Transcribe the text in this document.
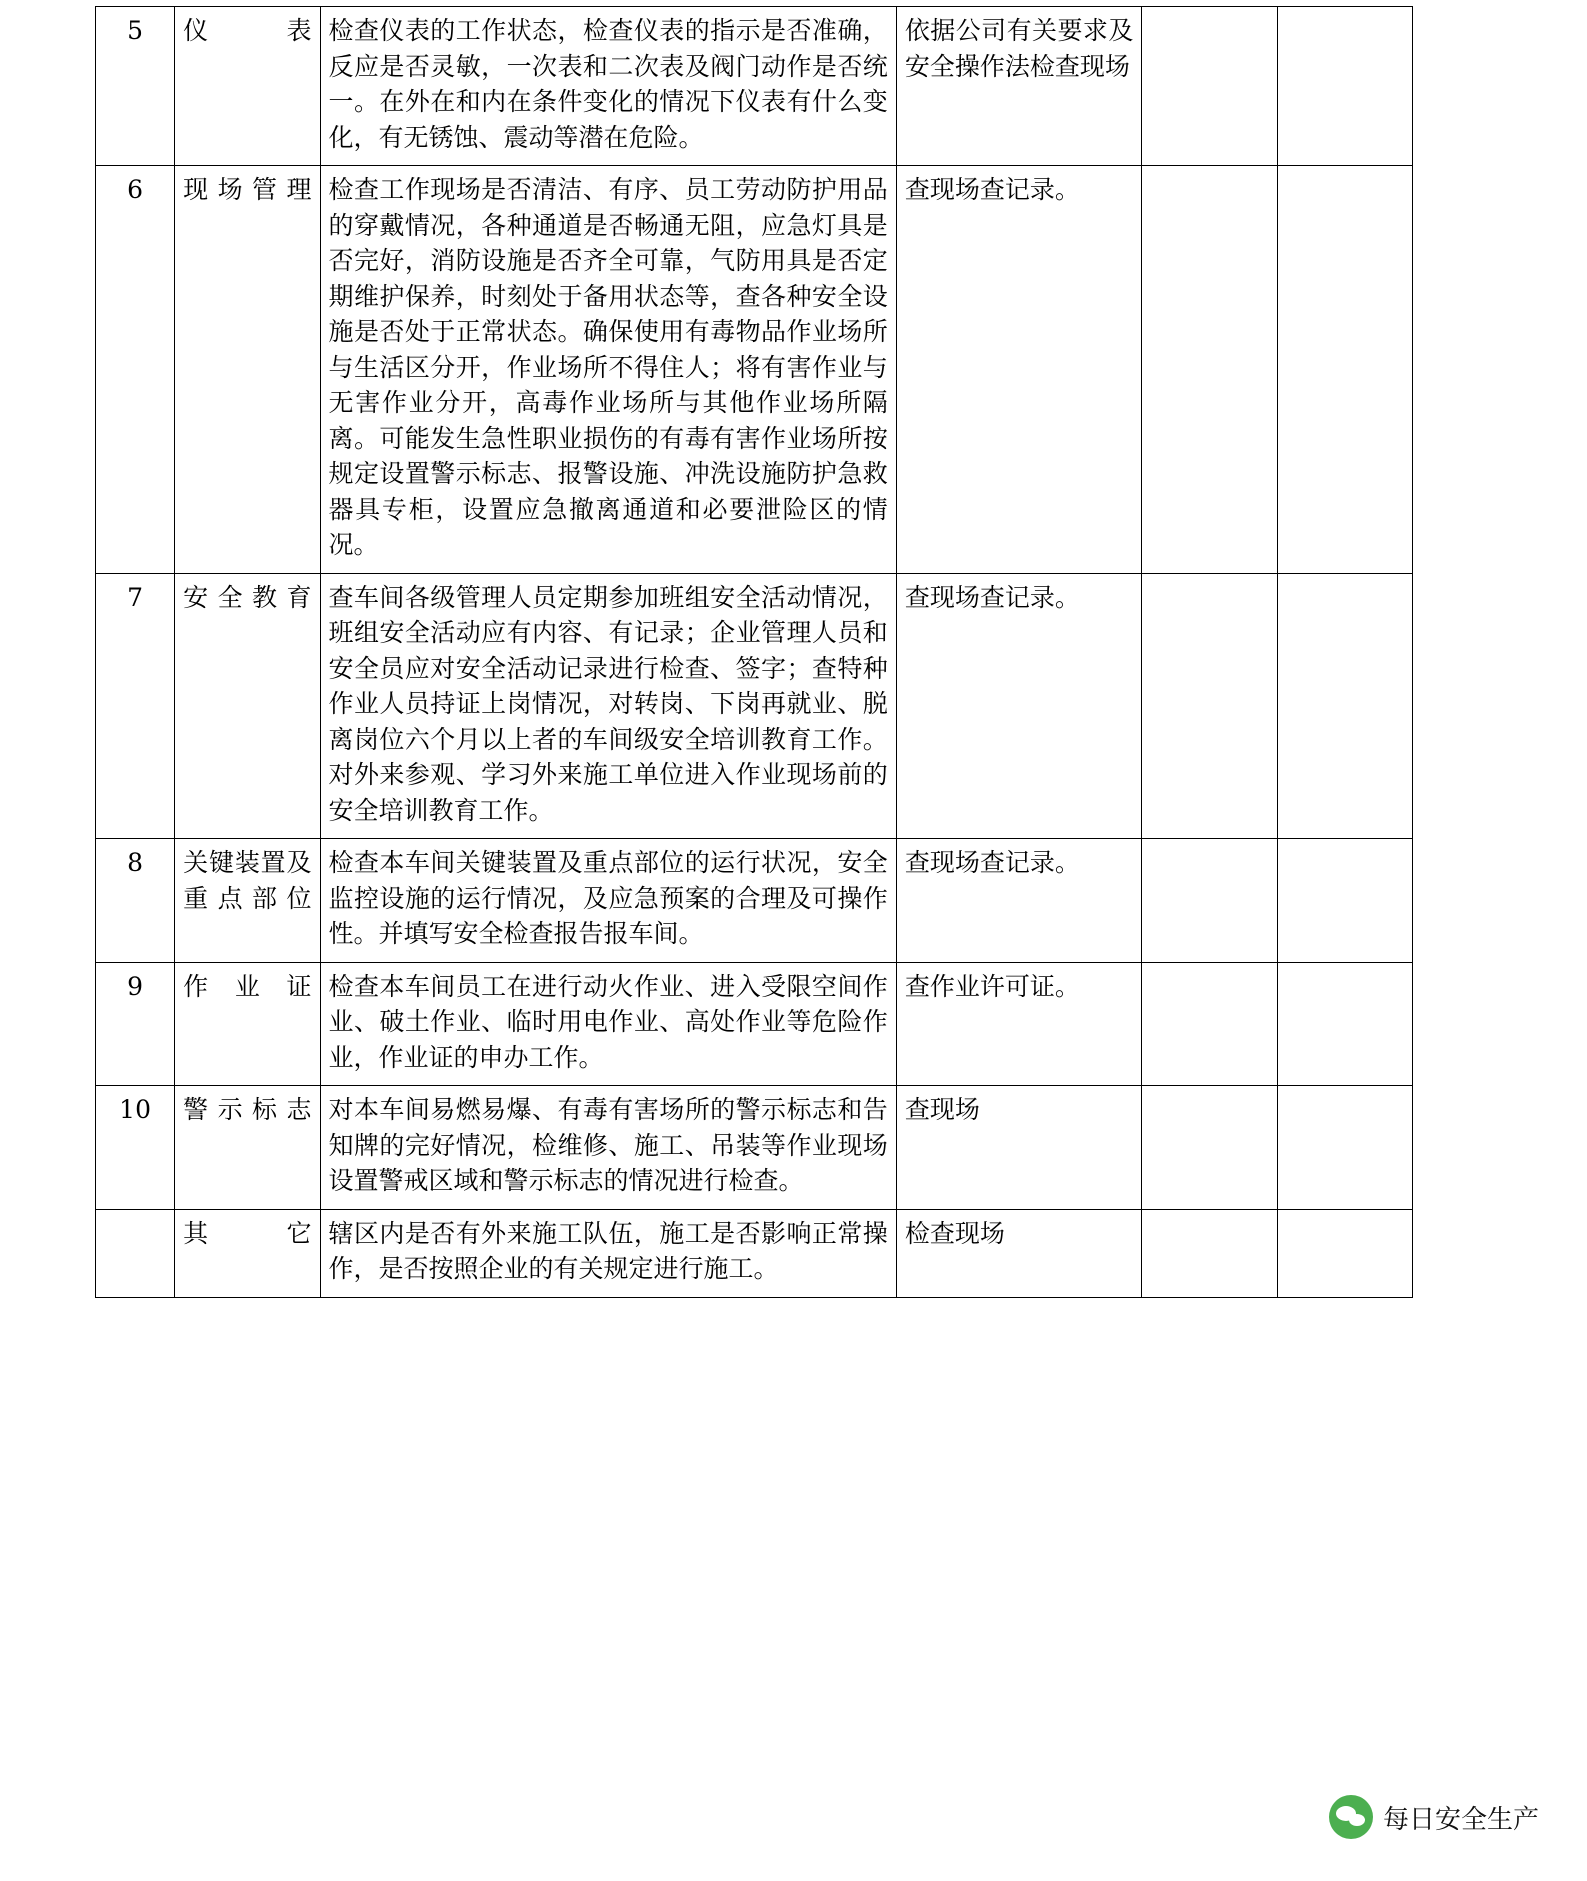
5	仪表	检查仪表的工作状态，检查仪表的指示是否准确，反应是否灵敏，一次表和二次表及阀门动作是否统一。在外在和内在条件变化的情况下仪表有什么变化，有无锈蚀、震动等潜在危险。	依据公司有关要求及安全操作法检查现场		

6	现场管理	检查工作现场是否清洁、有序、员工劳动防护用品的穿戴情况，各种通道是否畅通无阻，应急灯具是否完好，消防设施是否齐全可靠，气防用具是否定期维护保养，时刻处于备用状态等，查各种安全设施是否处于正常状态。确保使用有毒物品作业场所与生活区分开，作业场所不得住人；将有害作业与无害作业分开，高毒作业场所与其他作业场所隔离。可能发生急性职业损伤的有毒有害作业场所按规定设置警示标志、报警设施、冲洗设施防护急救器具专柜，设置应急撤离通道和必要泄险区的情况。	查现场查记录。		

7	安全教育	查车间各级管理人员定期参加班组安全活动情况，班组安全活动应有内容、有记录；企业管理人员和安全员应对安全活动记录进行检查、签字；查特种作业人员持证上岗情况，对转岗、下岗再就业、脱离岗位六个月以上者的车间级安全培训教育工作。对外来参观、学习外来施工单位进入作业现场前的安全培训教育工作。	查现场查记录。		

8	关键装置及重点部位	检查本车间关键装置及重点部位的运行状况，安全监控设施的运行情况，及应急预案的合理及可操作性。并填写安全检查报告报车间。	查现场查记录。		

9	作业证	检查本车间员工在进行动火作业、进入受限空间作业、破土作业、临时用电作业、高处作业等危险作业，作业证的申办工作。	查作业许可证。		

10	警示标志	对本车间易燃易爆、有毒有害场所的警示标志和告知牌的完好情况，检维修、施工、吊装等作业现场设置警戒区域和警示标志的情况进行检查。	查现场		

	其它	辖区内是否有外来施工队伍，施工是否影响正常操作，是否按照企业的有关规定进行施工。	检查现场		

每日安全生产
